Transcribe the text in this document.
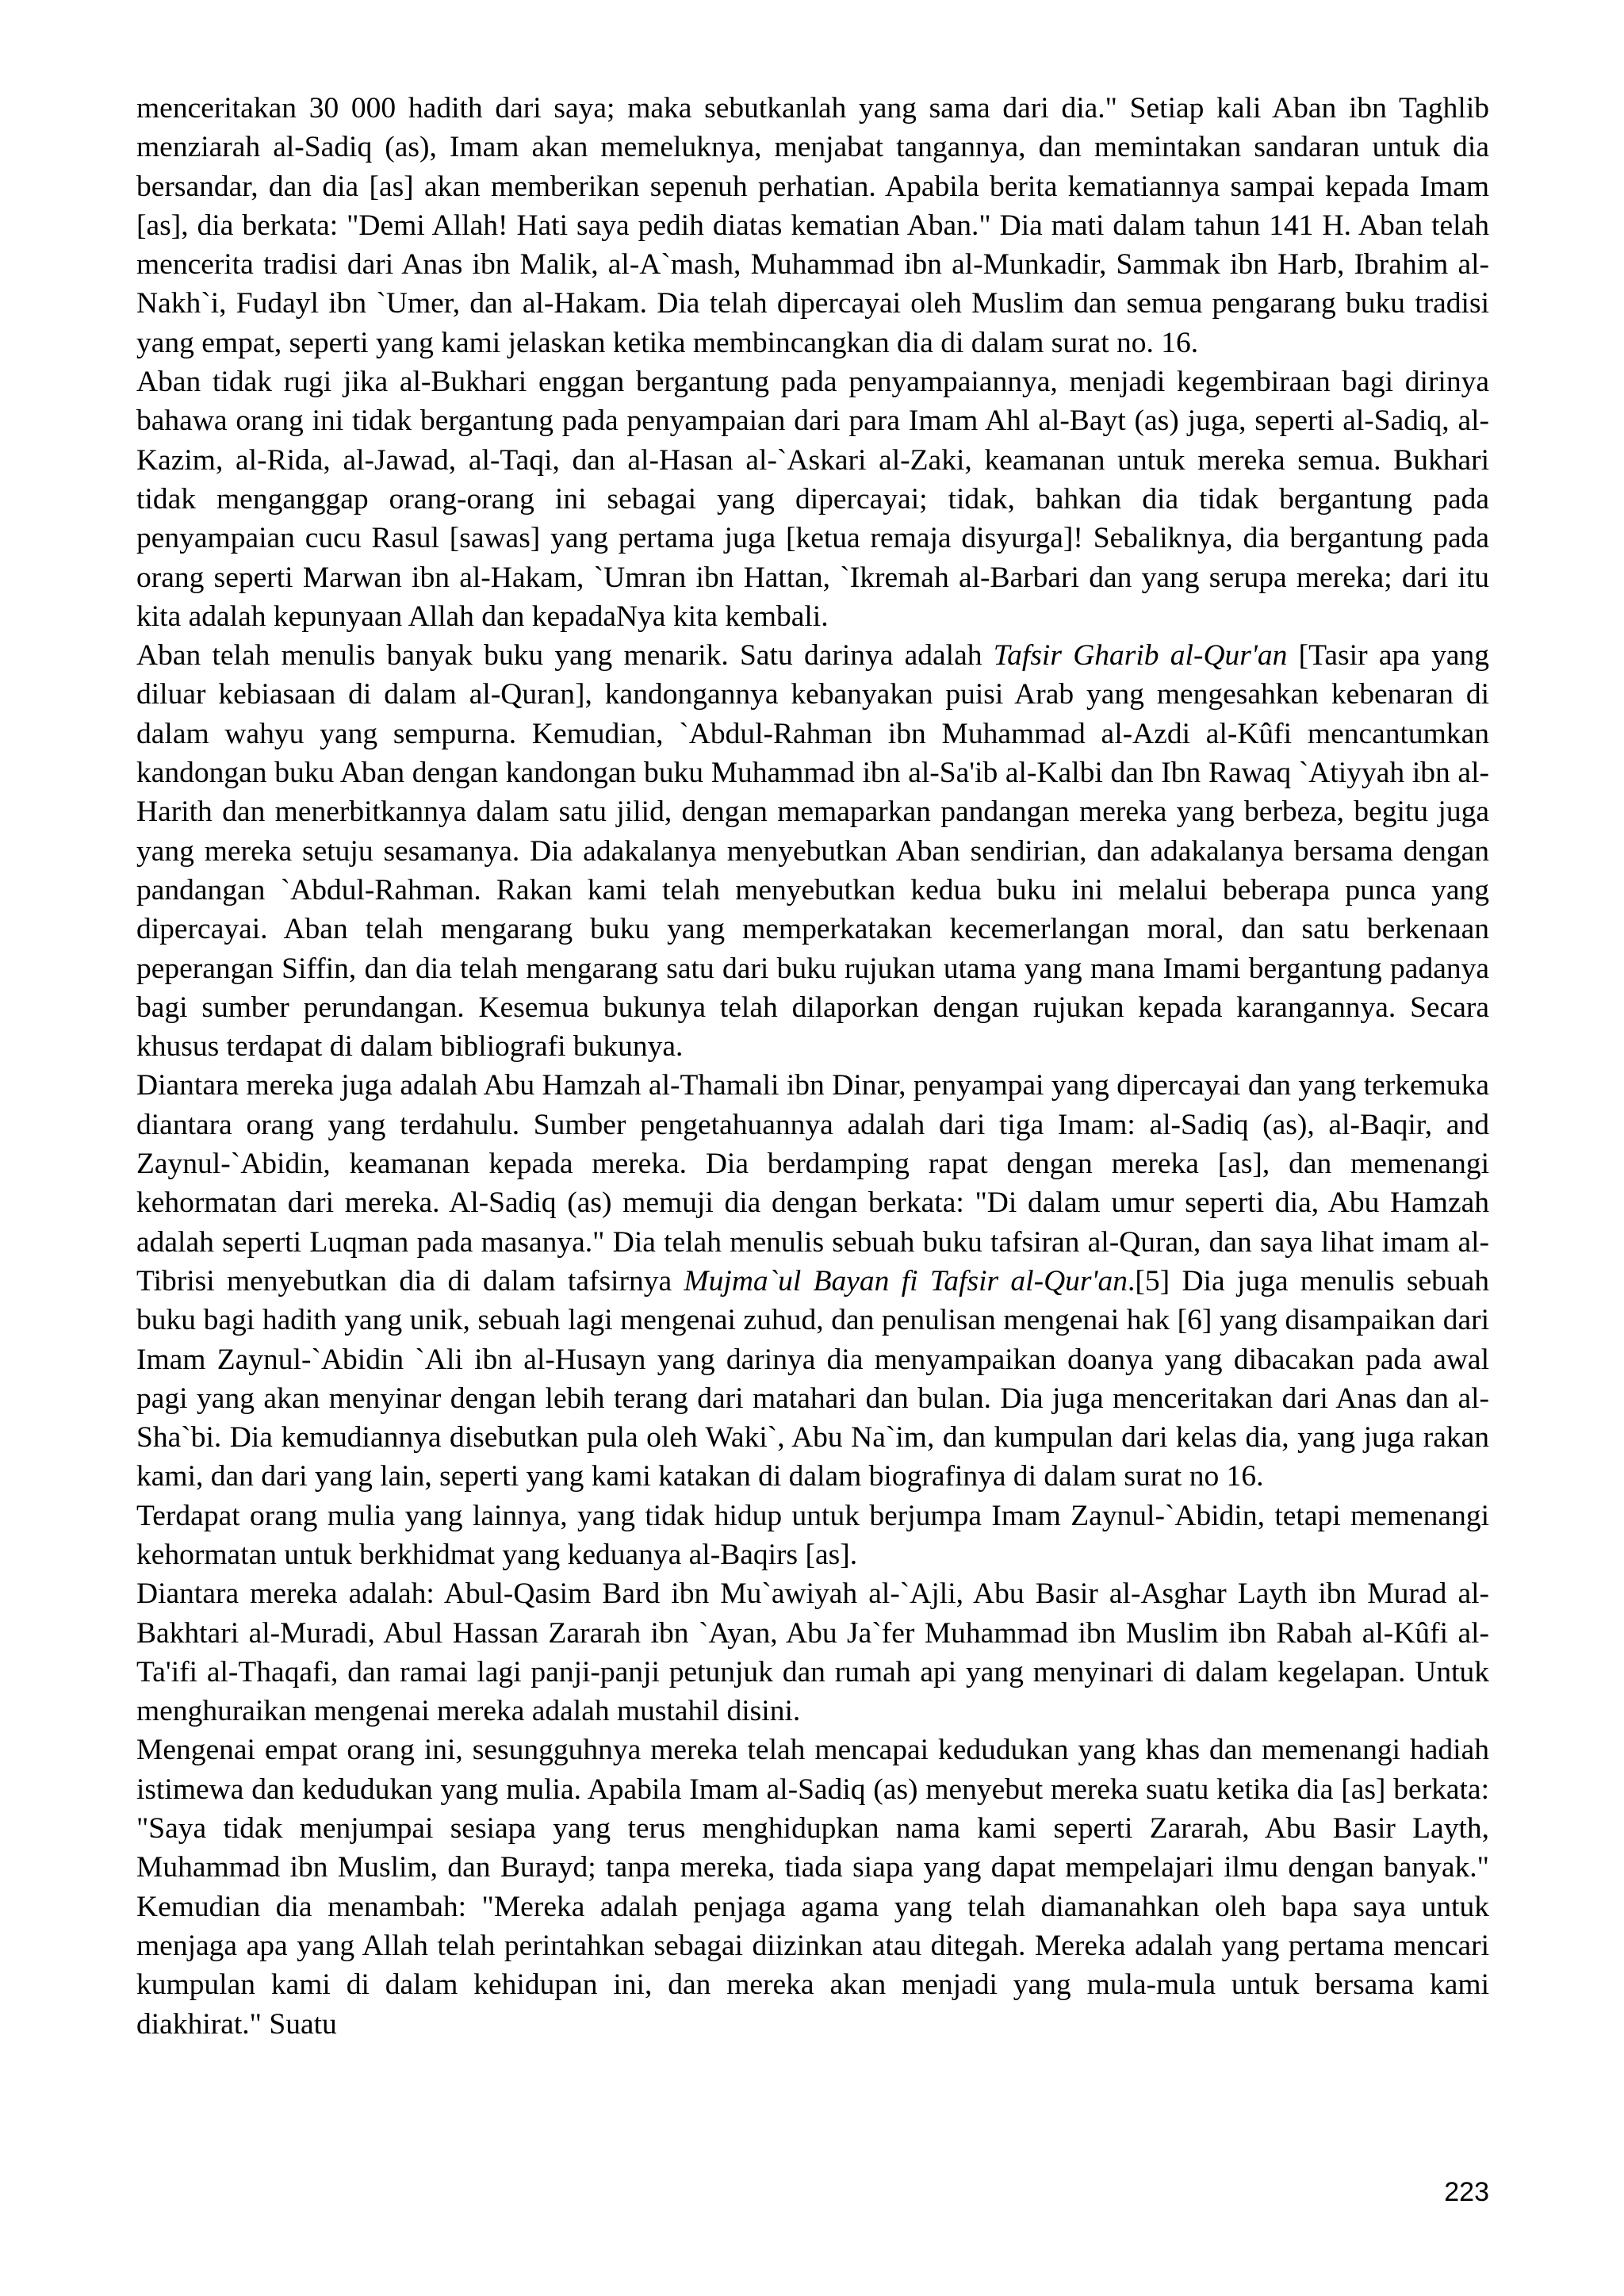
menceritakan 30 000 hadith dari saya; maka sebutkanlah yang sama dari dia." Setiap kali Aban ibn Taghlib menziarah al-Sadiq (as), Imam akan memeluknya, menjabat tangannya, dan memintakan sandaran untuk dia bersandar, dan dia [as] akan memberikan sepenuh perhatian. Apabila berita kematiannya sampai kepada Imam [as], dia berkata: "Demi Allah! Hati saya pedih diatas kematian Aban." Dia mati dalam tahun 141 H. Aban telah mencerita tradisi dari Anas ibn Malik, al-A`mash, Muhammad ibn al-Munkadir, Sammak ibn Harb, Ibrahim al-Nakh`i, Fudayl ibn `Umer, dan al-Hakam. Dia telah dipercayai oleh Muslim dan semua pengarang buku tradisi yang empat, seperti yang kami jelaskan ketika membincangkan dia di dalam surat no. 16.

Aban tidak rugi jika al-Bukhari enggan bergantung pada penyampaiannya, menjadi kegembiraan bagi dirinya bahawa orang ini tidak bergantung pada penyampaian dari para Imam Ahl al-Bayt (as) juga, seperti al-Sadiq, al-Kazim, al-Rida, al-Jawad, al-Taqi, dan al-Hasan al-`Askari al-Zaki, keamanan untuk mereka semua. Bukhari tidak menganggap orang-orang ini sebagai yang dipercayai; tidak, bahkan dia tidak bergantung pada penyampaian cucu Rasul [sawas] yang pertama juga [ketua remaja disyurga]! Sebaliknya, dia bergantung pada orang seperti Marwan ibn al-Hakam, `Umran ibn Hattan, `Ikremah al-Barbari dan yang serupa mereka; dari itu kita adalah kepunyaan Allah dan kepadaNya kita kembali.

Aban telah menulis banyak buku yang menarik. Satu darinya adalah Tafsir Gharib al-Qur'an [Tasir apa yang diluar kebiasaan di dalam al-Quran], kandongannya kebanyakan puisi Arab yang mengesahkan kebenaran di dalam wahyu yang sempurna. Kemudian, `Abdul-Rahman ibn Muhammad al-Azdi al-Kûfi mencantumkan kandongan buku Aban dengan kandongan buku Muhammad ibn al-Sa'ib al-Kalbi dan Ibn Rawaq `Atiyyah ibn al-Harith dan menerbitkannya dalam satu jilid, dengan memaparkan pandangan mereka yang berbeza, begitu juga yang mereka setuju sesamanya. Dia adakalanya menyebutkan Aban sendirian, dan adakalanya bersama dengan pandangan `Abdul-Rahman. Rakan kami telah menyebutkan kedua buku ini melalui beberapa punca yang dipercayai. Aban telah mengarang buku yang memperkatakan kecemerlangan moral, dan satu berkenaan peperangan Siffin, dan dia telah mengarang satu dari buku rujukan utama yang mana Imami bergantung padanya bagi sumber perundangan. Kesemua bukunya telah dilaporkan dengan rujukan kepada karangannya. Secara khusus terdapat di dalam bibliografi bukunya.

Diantara mereka juga adalah Abu Hamzah al-Thamali ibn Dinar, penyampai yang dipercayai dan yang terkemuka diantara orang yang terdahulu. Sumber pengetahuannya adalah dari tiga Imam: al-Sadiq (as), al-Baqir, and Zaynul-`Abidin, keamanan kepada mereka. Dia berdamping rapat dengan mereka [as], dan memenangi kehormatan dari mereka. Al-Sadiq (as) memuji dia dengan berkata: "Di dalam umur seperti dia, Abu Hamzah adalah seperti Luqman pada masanya." Dia telah menulis sebuah buku tafsiran al-Quran, dan saya lihat imam al-Tibrisi menyebutkan dia di dalam tafsirnya Mujma`ul Bayan fi Tafsir al-Qur'an.[5] Dia juga menulis sebuah buku bagi hadith yang unik, sebuah lagi mengenai zuhud, dan penulisan mengenai hak [6] yang disampaikan dari Imam Zaynul-`Abidin `Ali ibn al-Husayn yang darinya dia menyampaikan doanya yang dibacakan pada awal pagi yang akan menyinar dengan lebih terang dari matahari dan bulan. Dia juga menceritakan dari Anas dan al-Sha`bi. Dia kemudiannya disebutkan pula oleh Waki`, Abu Na`im, dan kumpulan dari kelas dia, yang juga rakan kami, dan dari yang lain, seperti yang kami katakan di dalam biografinya di dalam surat no 16.

Terdapat orang mulia yang lainnya, yang tidak hidup untuk berjumpa Imam Zaynul-`Abidin, tetapi memenangi kehormatan untuk berkhidmat yang keduanya al-Baqirs [as].

Diantara mereka adalah: Abul-Qasim Bard ibn Mu`awiyah al-`Ajli, Abu Basir al-Asghar Layth ibn Murad al-Bakhtari al-Muradi, Abul Hassan Zararah ibn `Ayan, Abu Ja`fer Muhammad ibn Muslim ibn Rabah al-Kûfi al-Ta'ifi al-Thaqafi, dan ramai lagi panji-panji petunjuk dan rumah api yang menyinari di dalam kegelapan. Untuk menghuraikan mengenai mereka adalah mustahil disini.

Mengenai empat orang ini, sesungguhnya mereka telah mencapai kedudukan yang khas dan memenangi hadiah istimewa dan kedudukan yang mulia. Apabila Imam al-Sadiq (as) menyebut mereka suatu ketika dia [as] berkata: "Saya tidak menjumpai sesiapa yang terus menghidupkan nama kami seperti Zararah, Abu Basir Layth, Muhammad ibn Muslim, dan Burayd; tanpa mereka, tiada siapa yang dapat mempelajari ilmu dengan banyak." Kemudian dia menambah: "Mereka adalah penjaga agama yang telah diamanahkan oleh bapa saya untuk menjaga apa yang Allah telah perintahkan sebagai diizinkan atau ditegah. Mereka adalah yang pertama mencari kumpulan kami di dalam kehidupan ini, dan mereka akan menjadi yang mula-mula untuk bersama kami diakhirat." Suatu

223
